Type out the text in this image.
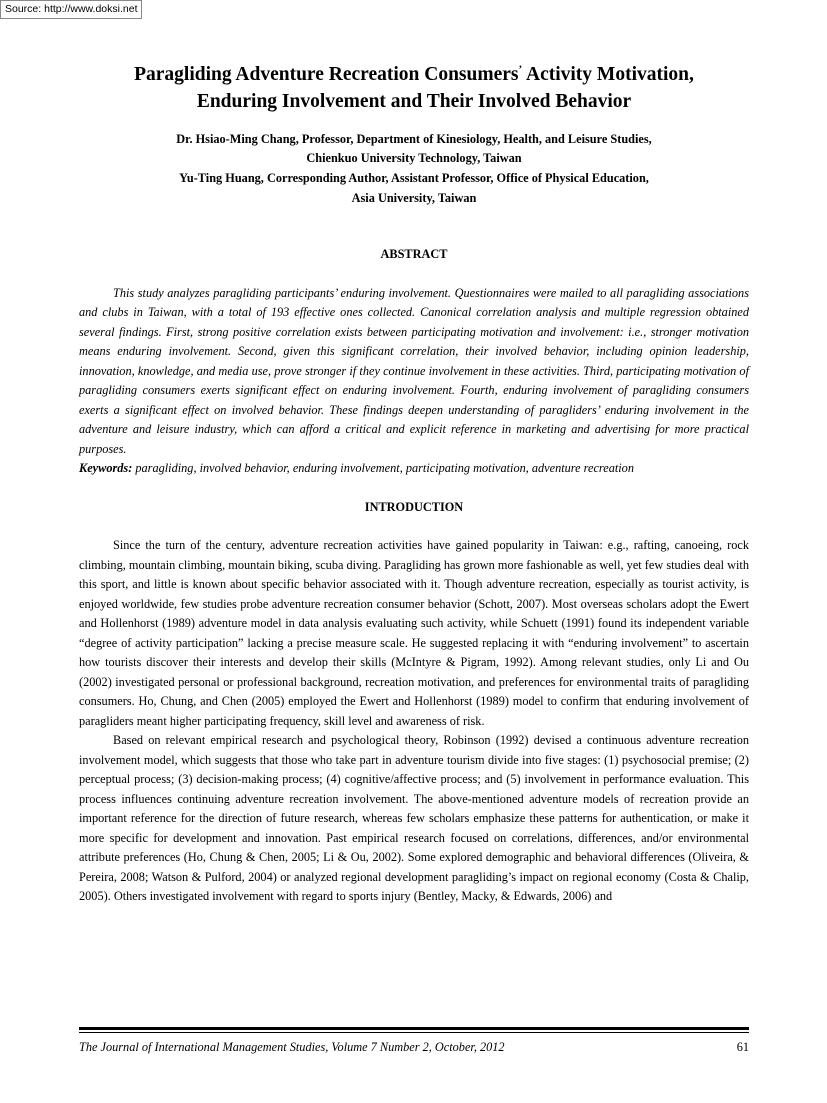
Source: http://www.doksi.net
Paragliding Adventure Recreation Consumers’ Activity Motivation,
Enduring Involvement and Their Involved Behavior
Dr. Hsiao-Ming Chang, Professor, Department of Kinesiology, Health, and Leisure Studies,
Chienkuo University Technology, Taiwan
Yu-Ting Huang, Corresponding Author, Assistant Professor, Office of Physical Education,
Asia University, Taiwan
ABSTRACT

This study analyzes paragliding participants’ enduring involvement. Questionnaires were mailed to all paragliding associations and clubs in Taiwan, with a total of 193 effective ones collected. Canonical correlation analysis and multiple regression obtained several findings. First, strong positive correlation exists between participating motivation and involvement: i.e., stronger motivation means enduring involvement. Second, given this significant correlation, their involved behavior, including opinion leadership, innovation, knowledge, and media use, prove stronger if they continue involvement in these activities. Third, participating motivation of paragliding consumers exerts significant effect on enduring involvement. Fourth, enduring involvement of paragliding consumers exerts a significant effect on involved behavior. These findings deepen understanding of paragliders’ enduring involvement in the adventure and leisure industry, which can afford a critical and explicit reference in marketing and advertising for more practical purposes.

Keywords: paragliding, involved behavior, enduring involvement, participating motivation, adventure recreation

INTRODUCTION

Since the turn of the century, adventure recreation activities have gained popularity in Taiwan: e.g., rafting, canoeing, rock climbing, mountain climbing, mountain biking, scuba diving. Paragliding has grown more fashionable as well, yet few studies deal with this sport, and little is known about specific behavior associated with it. Though adventure recreation, especially as tourist activity, is enjoyed worldwide, few studies probe adventure recreation consumer behavior (Schott, 2007). Most overseas scholars adopt the Ewert and Hollenhorst (1989) adventure model in data analysis evaluating such activity, while Schuett (1991) found its independent variable “degree of activity participation” lacking a precise measure scale. He suggested replacing it with “enduring involvement” to ascertain how tourists discover their interests and develop their skills (McIntyre & Pigram, 1992). Among relevant studies, only Li and Ou (2002) investigated personal or professional background, recreation motivation, and preferences for environmental traits of paragliding consumers. Ho, Chung, and Chen (2005) employed the Ewert and Hollenhorst (1989) model to confirm that enduring involvement of paragliders meant higher participating frequency, skill level and awareness of risk.

Based on relevant empirical research and psychological theory, Robinson (1992) devised a continuous adventure recreation involvement model, which suggests that those who take part in adventure tourism divide into five stages: (1) psychosocial premise; (2) perceptual process; (3) decision-making process; (4) cognitive/affective process; and (5) involvement in performance evaluation. This process influences continuing adventure recreation involvement. The above-mentioned adventure models of recreation provide an important reference for the direction of future research, whereas few scholars emphasize these patterns for authentication, or make it more specific for development and innovation. Past empirical research focused on correlations, differences, and/or environmental attribute preferences (Ho, Chung & Chen, 2005; Li & Ou, 2002). Some explored demographic and behavioral differences (Oliveira, & Pereira, 2008; Watson & Pulford, 2004) or analyzed regional development paragliding’s impact on regional economy (Costa & Chalip, 2005). Others investigated involvement with regard to sports injury (Bentley, Macky, & Edwards, 2006) and

The Journal of International Management Studies, Volume 7 Number 2, October, 2012	61
